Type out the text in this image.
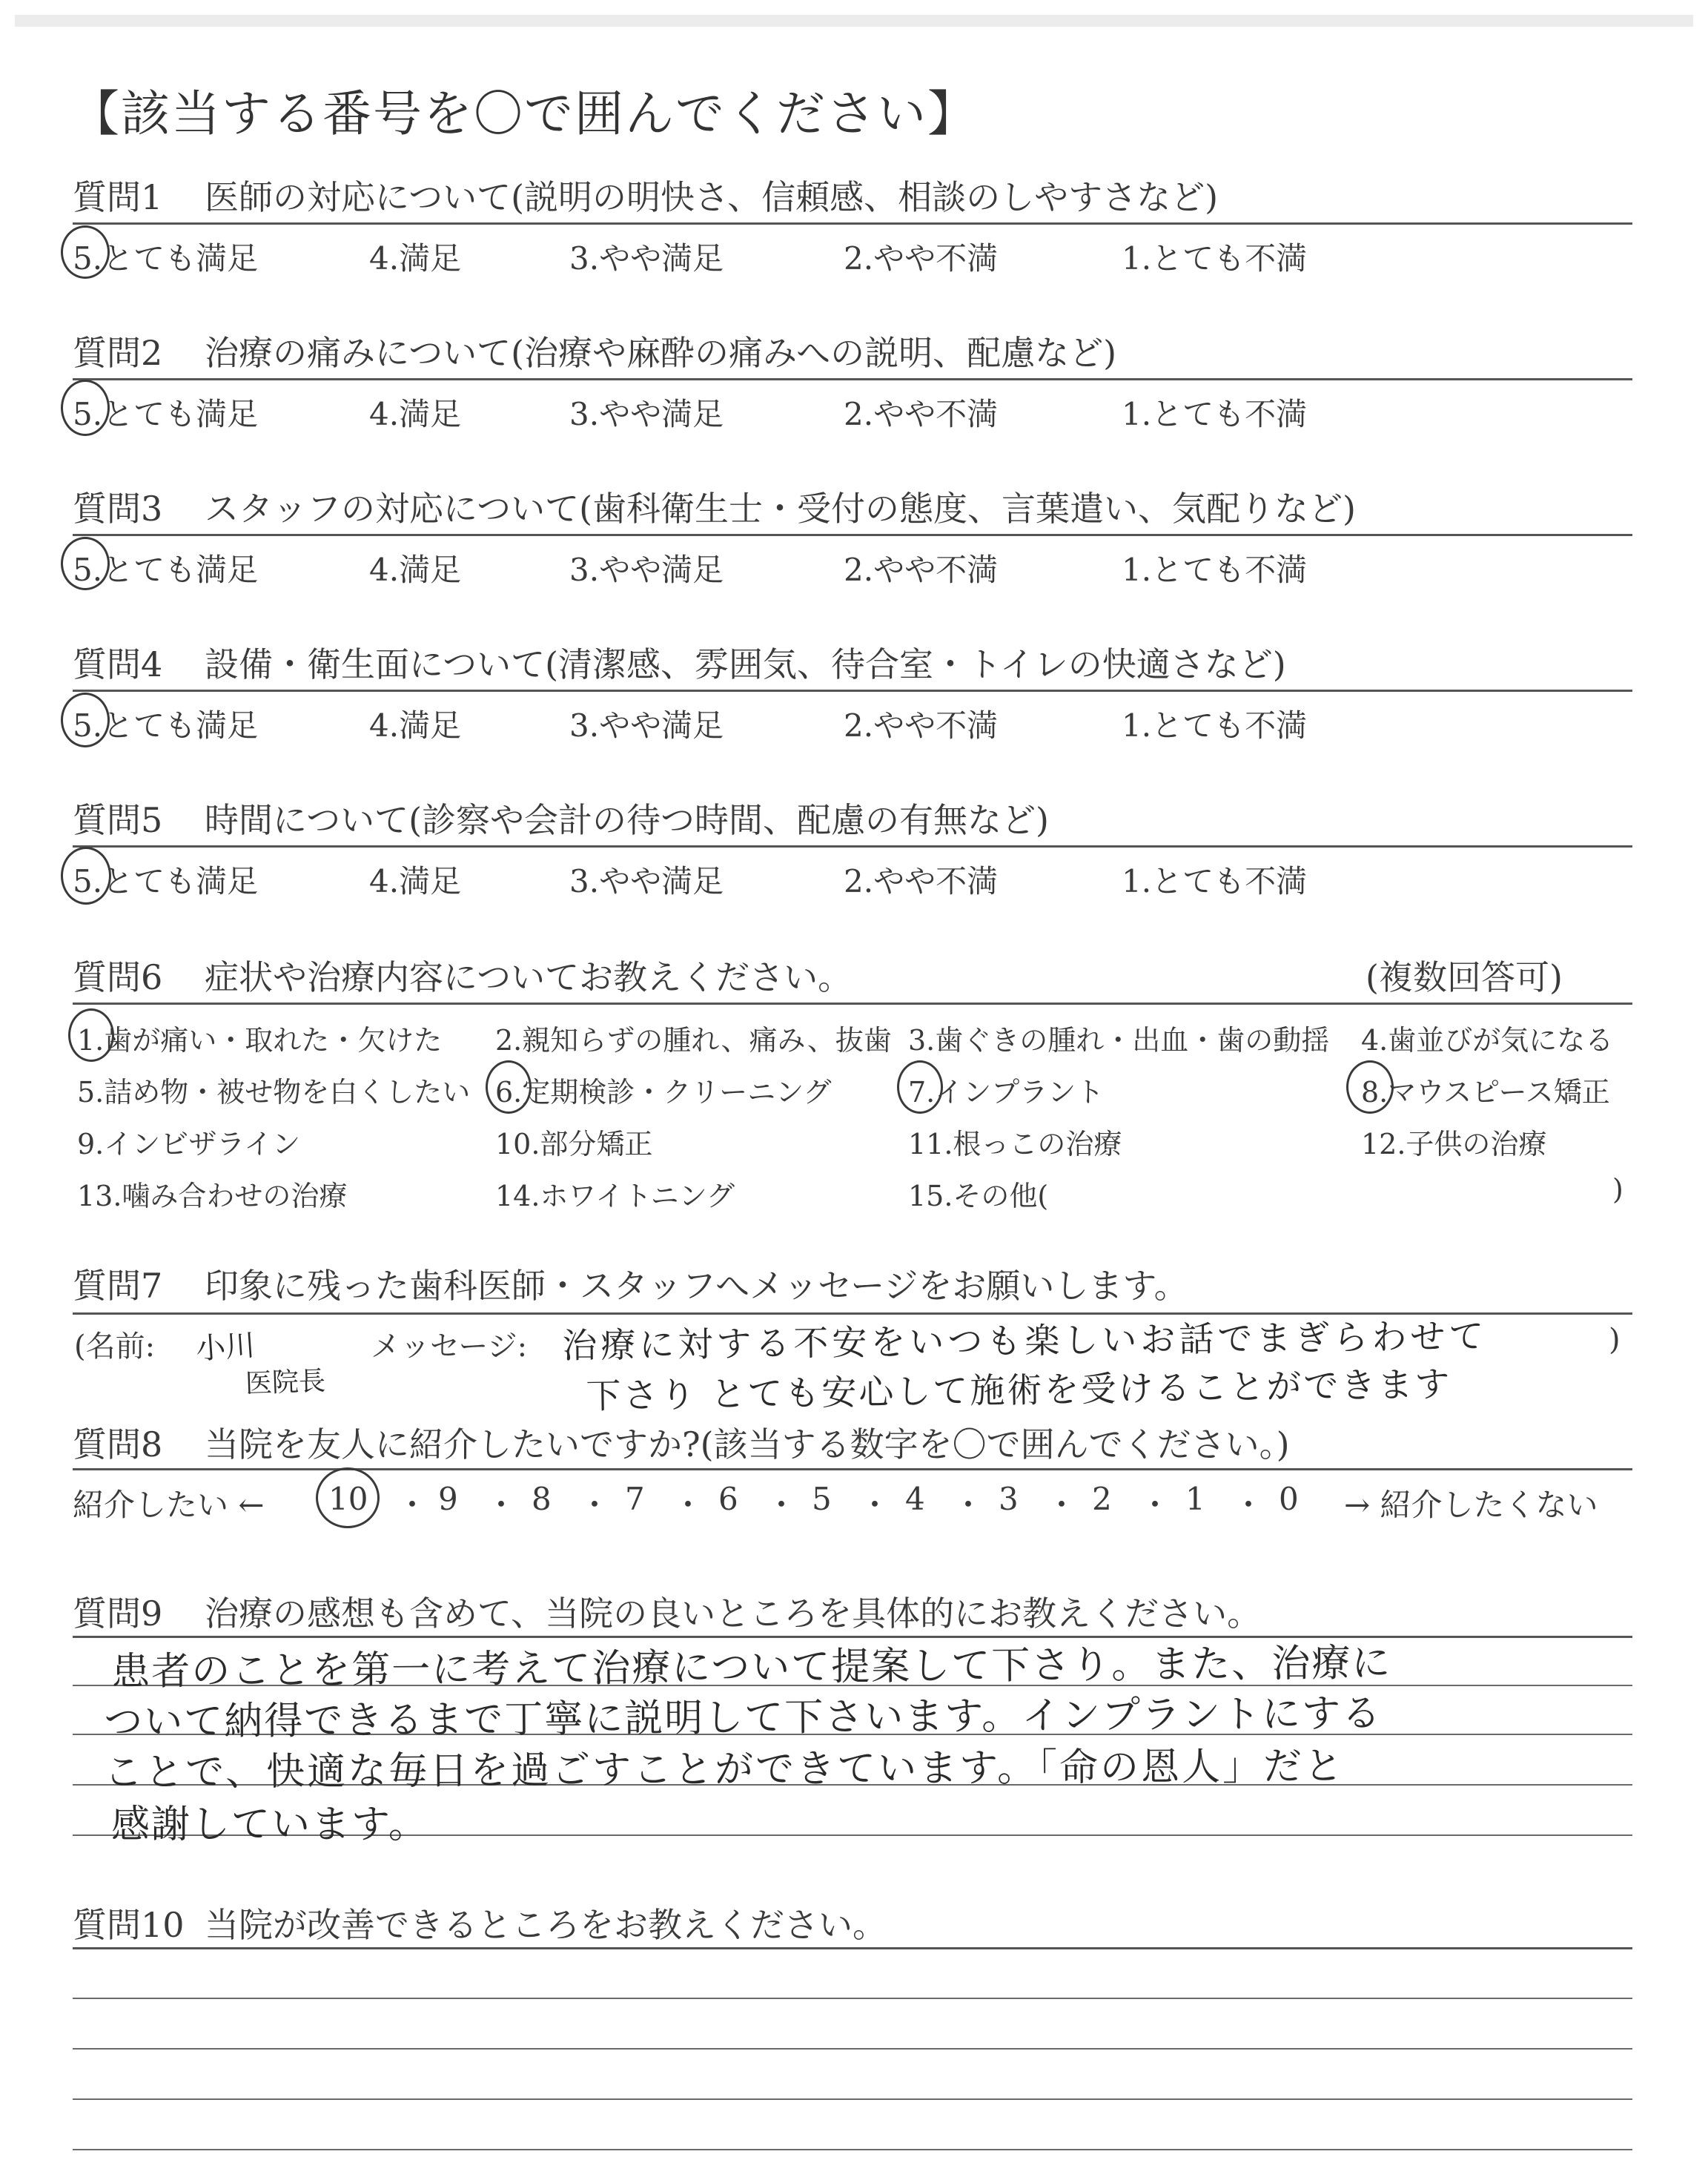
【該当する番号を〇で囲んでください】
質問1 医師の対応について(説明の明快さ、信頼感、相談のしやすさなど)
5.とても満足	4.満足	3.やや満足	2.やや不満	1.とても不満
質問2 治療の痛みについて(治療や麻酔の痛みへの説明、配慮など)
5.とても満足	4.満足	3.やや満足	2.やや不満	1.とても不満
質問3 スタッフの対応について(歯科衛生士・受付の態度、言葉遣い、気配りなど)
5.とても満足	4.満足	3.やや満足	2.やや不満	1.とても不満
質問4 設備・衛生面について(清潔感、雰囲気、待合室・トイレの快適さなど)
5.とても満足	4.満足	3.やや満足	2.やや不満	1.とても不満
質問5 時間について(診察や会計の待つ時間、配慮の有無など)
5.とても満足	4.満足	3.やや満足	2.やや不満	1.とても不満
質問6 症状や治療内容についてお教えください。	(複数回答可)
1.歯が痛い・取れた・欠けた 2.親知らずの腫れ、痛み、抜歯 3.歯ぐきの腫れ・出血・歯の動揺 4.歯並びが気になる
5.詰め物・被せ物を白くしたい 6.定期検診・クリーニング	7.インプラント	8.マウスピース矯正
9.インビザライン	10.部分矯正	11.根っこの治療	12.子供の治療
13.噛み合わせの治療	14.ホワイトニング	15.その他(	)
質問7 印象に残った歯科医師・スタッフへメッセージをお願いします。
(名前:	メッセージ:	)
小川
医院長
治療に対する不安をいつも楽しいお話でまぎらわせて
下さり とても安心して施術を受けることができます
質問8 当院を友人に紹介したいですか?(該当する数字を〇で囲んでください。)
紹介したい ← 10 ・ 9 ・ 8 ・ 7 ・ 6 ・ 5 ・ 4 ・ 3 ・ 2 ・ 1 ・ 0 → 紹介したくない
質問9 治療の感想も含めて、当院の良いところを具体的にお教えください。
患者のことを第一に考えて治療について提案して下さり。また、治療に
ついて納得できるまで丁寧に説明して下さいます。インプラントにする
ことで、快適な毎日を過ごすことができています。「命の恩人」だと
感謝しています。
質問10 当院が改善できるところをお教えください。
